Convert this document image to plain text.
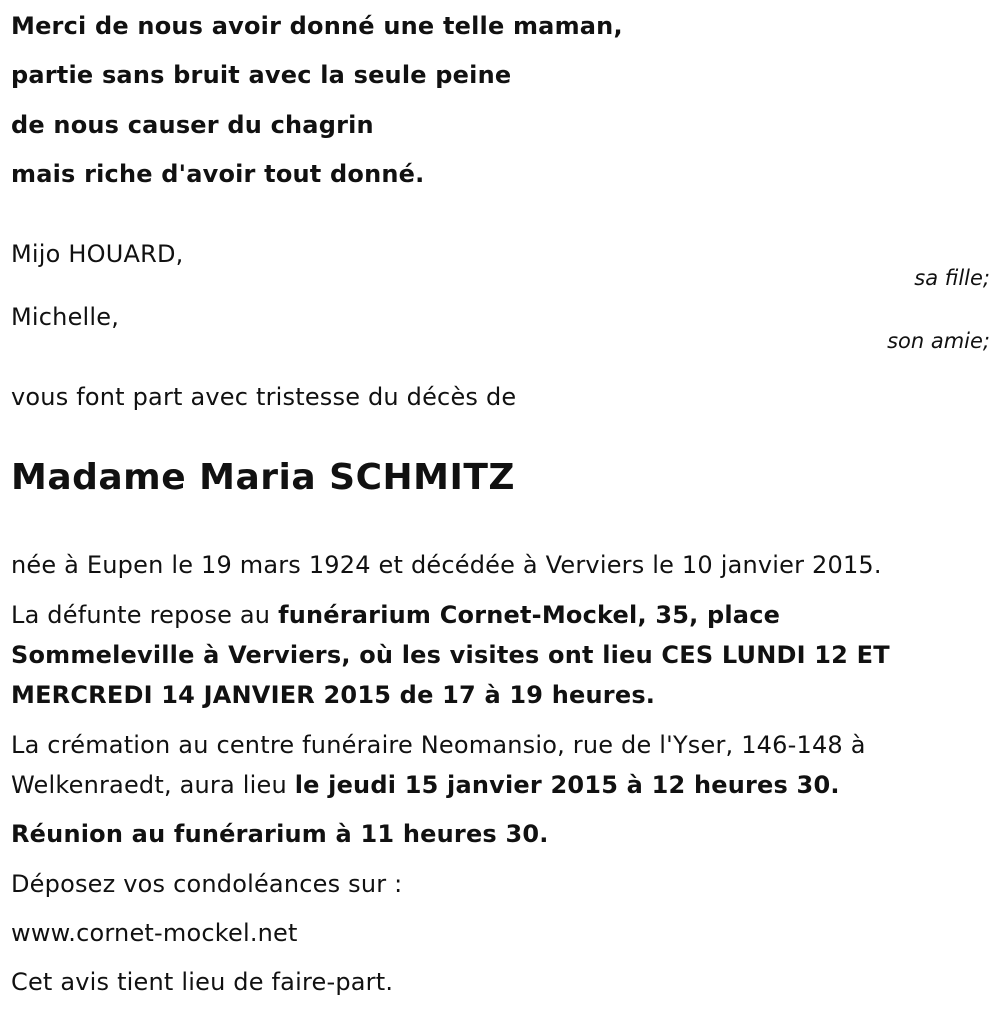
Merci de nous avoir donné une telle maman,
partie sans bruit avec la seule peine
de nous causer du chagrin
mais riche d'avoir tout donné.
Mijo HOUARD,
sa fille;
Michelle,
son amie;
vous font part avec tristesse du décès de
Madame Maria SCHMITZ
née à Eupen le 19 mars 1924 et décédée à Verviers le 10 janvier 2015.
La défunte repose au funérarium Cornet-Mockel, 35, place
Sommeleville à Verviers, où les visites ont lieu CES LUNDI 12 ET
MERCREDI 14 JANVIER 2015 de 17 à 19 heures.
La crémation au centre funéraire Neomansio, rue de l'Yser, 146-148 à
Welkenraedt, aura lieu le jeudi 15 janvier 2015 à 12 heures 30.
Réunion au funérarium à 11 heures 30.
Déposez vos condoléances sur :
www.cornet-mockel.net
Cet avis tient lieu de faire-part.
